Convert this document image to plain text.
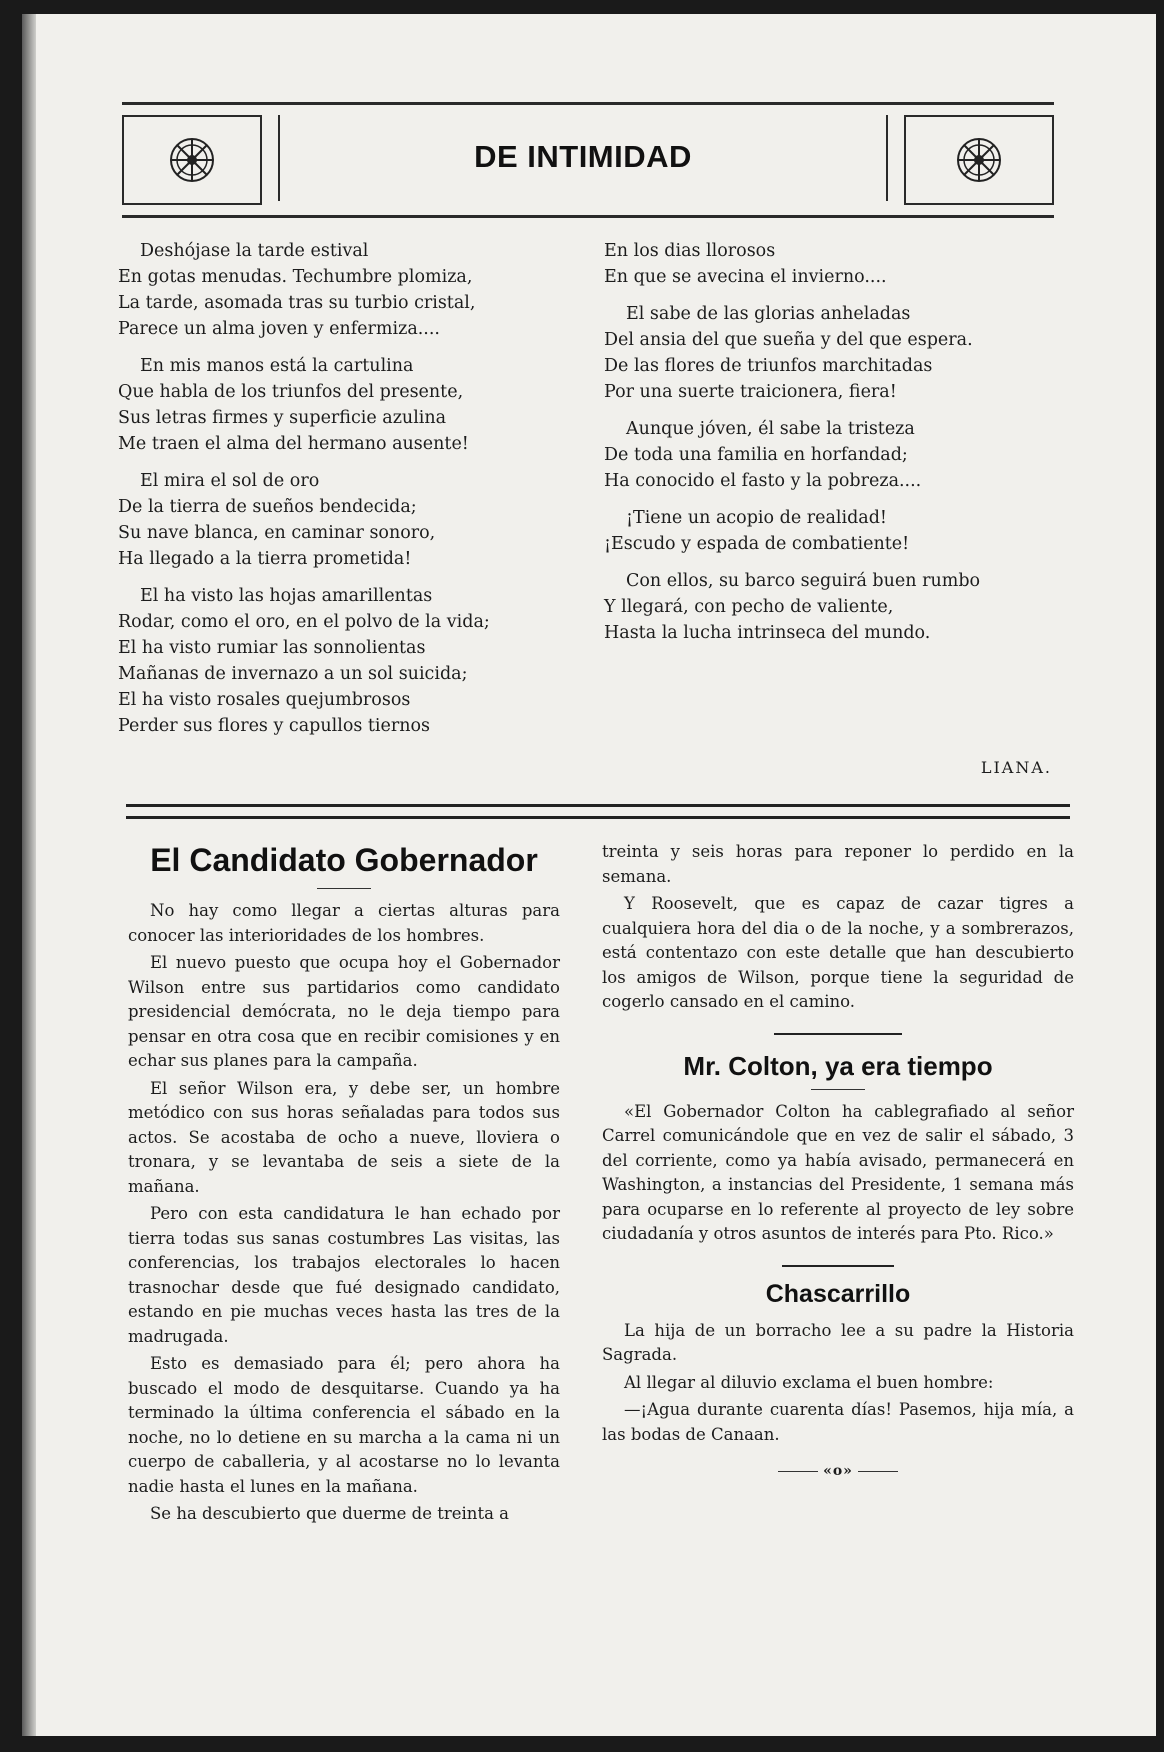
DE INTIMIDAD
Deshójase la tarde estival
En gotas menudas. Techumbre plomiza,
La tarde, asomada tras su turbio cristal,
Parece un alma joven y enfermiza....
En mis manos está la cartulina
Que habla de los triunfos del presente,
Sus letras firmes y superficie azulina
Me traen el alma del hermano ausente!
El mira el sol de oro
De la tierra de sueños bendecida;
Su nave blanca, en caminar sonoro,
Ha llegado a la tierra prometida!
El ha visto las hojas amarillentas
Rodar, como el oro, en el polvo de la vida;
El ha visto rumiar las sonnolientas
Mañanas de invernazo a un sol suicida;
El ha visto rosales quejumbrosos
Perder sus flores y capullos tiernos
En los dias llorosos
En que se avecina el invierno....
El sabe de las glorias anheladas
Del ansia del que sueña y del que espera.
De las flores de triunfos marchitadas
Por una suerte traicionera, fiera!
Aunque jóven, él sabe la tristeza
De toda una familia en horfandad;
Ha conocido el fasto y la pobreza....
¡Tiene un acopio de realidad!
¡Escudo y espada de combatiente!
Con ellos, su barco seguirá buen rumbo
Y llegará, con pecho de valiente,
Hasta la lucha intrinseca del mundo.
LIANA.
El Candidato Gobernador

No hay como llegar a ciertas alturas para conocer las interioridades de los hombres.

El nuevo puesto que ocupa hoy el Gobernador Wilson entre sus partidarios como candidato presidencial demócrata, no le deja tiempo para pensar en otra cosa que en recibir comisiones y en echar sus planes para la campaña.

El señor Wilson era, y debe ser, un hombre metódico con sus horas señaladas para todos sus actos. Se acostaba de ocho a nueve, lloviera o tronara, y se levantaba de seis a siete de la mañana.

Pero con esta candidatura le han echado por tierra todas sus sanas costumbres Las visitas, las conferencias, los trabajos electorales lo hacen trasnochar desde que fué designado candidato, estando en pie muchas veces hasta las tres de la madrugada.

Esto es demasiado para él; pero ahora ha buscado el modo de desquitarse. Cuando ya ha terminado la última conferencia el sábado en la noche, no lo detiene en su marcha a la cama ni un cuerpo de caballeria, y al acostarse no lo levanta nadie hasta el lunes en la mañana.

Se ha descubierto que duerme de treinta a

treinta y seis horas para reponer lo perdido en la semana.

Y Roosevelt, que es capaz de cazar tigres a cualquiera hora del dia o de la noche, y a sombrerazos, está contentazo con este detalle que han descubierto los amigos de Wilson, porque tiene la seguridad de cogerlo cansado en el camino.

Mr. Colton, ya era tiempo

«El Gobernador Colton ha cablegrafiado al señor Carrel comunicándole que en vez de salir el sábado, 3 del corriente, como ya había avisado, permanecerá en Washington, a instancias del Presidente, 1 semana más para ocuparse en lo referente al proyecto de ley sobre ciudadanía y otros asuntos de interés para Pto. Rico.»

Chascarrillo

La hija de un borracho lee a su padre la Historia Sagrada.

Al llegar al diluvio exclama el buen hombre:

—¡Agua durante cuarenta días! Pasemos, hija mía, a las bodas de Canaan.

«o»
